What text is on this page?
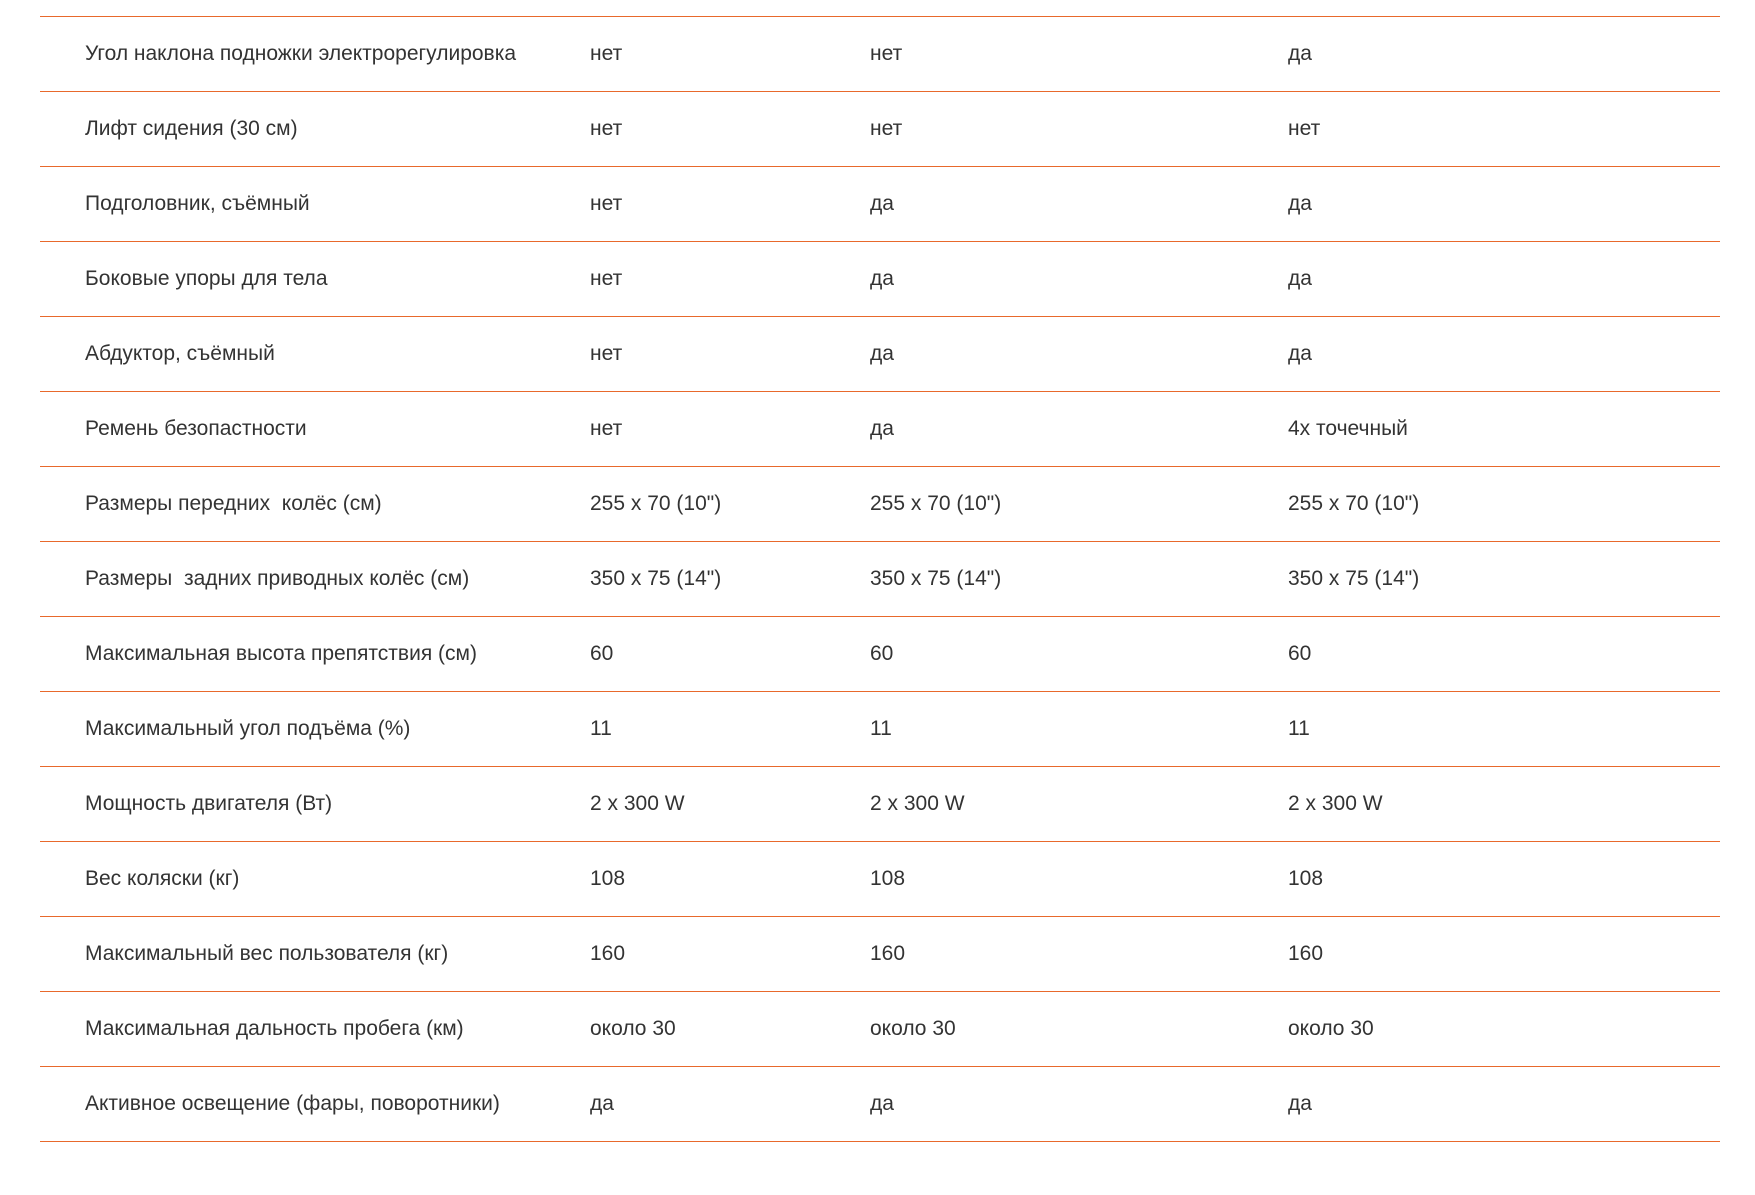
Угол наклона подножки электрорегулировка	нет	нет	да
Лифт сидения (30 см)	нет	нет	нет
Подголовник, съёмный	нет	да	да
Боковые упоры для тела	нет	да	да
Абдуктор, съёмный	нет	да	да
Ремень безопастности	нет	да	4х точечный
Размеры передних  колёс (см)	255 х 70 (10")	255 х 70 (10")	255 х 70 (10")
Размеры  задних приводных колёс (см)	350 х 75 (14")	350 х 75 (14")	350 х 75 (14")
Максимальная высота препятствия (см)	60	60	60
Максимальный угол подъёма (%)	11	11	11
Мощность двигателя (Вт)	2 х 300 W	2 х 300 W	2 х 300 W
Вес коляски (кг)	108	108	108
Максимальный вес пользователя (кг)	160	160	160
Максимальная дальность пробега (км)	около 30	около 30	около 30
Активное освещение (фары, поворотники)	да	да	да
